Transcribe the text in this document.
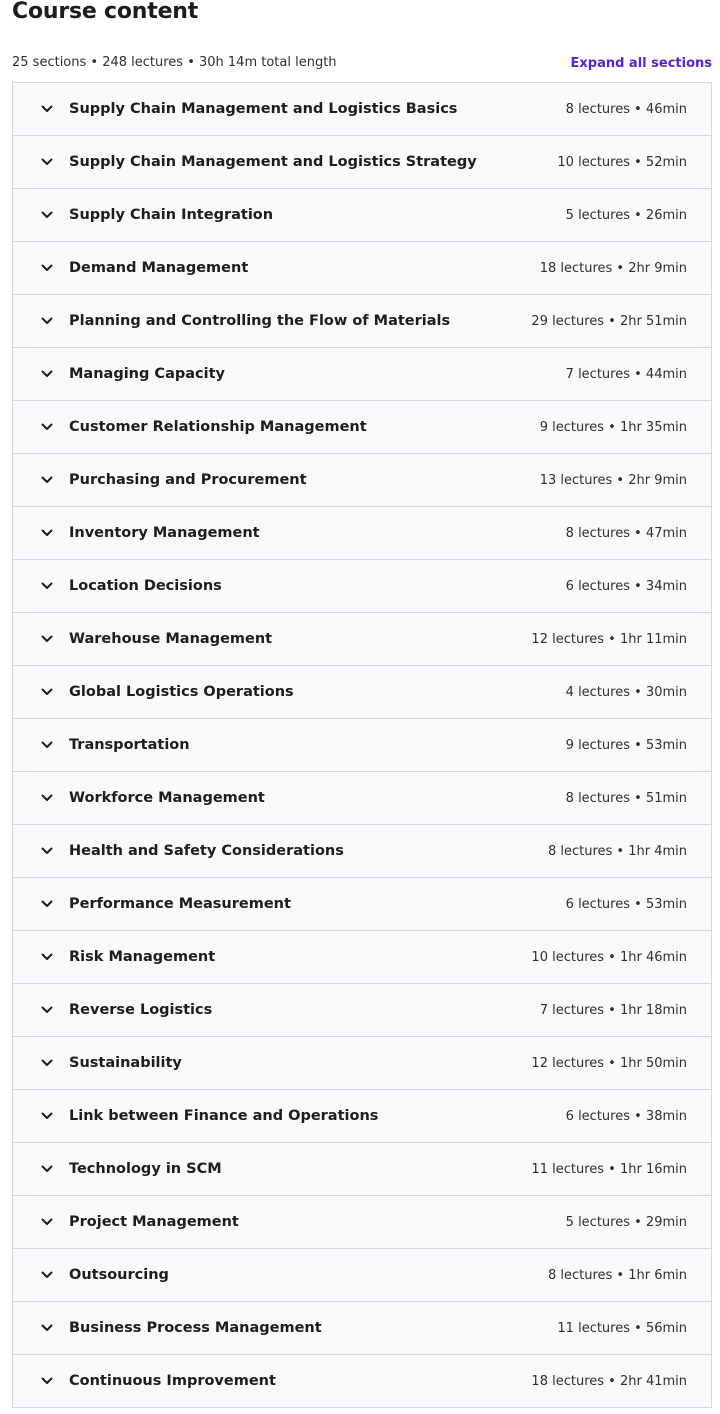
Course content
25 sections • 248 lectures • 30h 14m total length	Expand all sections
Supply Chain Management and Logistics Basics	8 lectures • 46min
Supply Chain Management and Logistics Strategy	10 lectures • 52min
Supply Chain Integration	5 lectures • 26min
Demand Management	18 lectures • 2hr 9min
Planning and Controlling the Flow of Materials	29 lectures • 2hr 51min
Managing Capacity	7 lectures • 44min
Customer Relationship Management	9 lectures • 1hr 35min
Purchasing and Procurement	13 lectures • 2hr 9min
Inventory Management	8 lectures • 47min
Location Decisions	6 lectures • 34min
Warehouse Management	12 lectures • 1hr 11min
Global Logistics Operations	4 lectures • 30min
Transportation	9 lectures • 53min
Workforce Management	8 lectures • 51min
Health and Safety Considerations	8 lectures • 1hr 4min
Performance Measurement	6 lectures • 53min
Risk Management	10 lectures • 1hr 46min
Reverse Logistics	7 lectures • 1hr 18min
Sustainability	12 lectures • 1hr 50min
Link between Finance and Operations	6 lectures • 38min
Technology in SCM	11 lectures • 1hr 16min
Project Management	5 lectures • 29min
Outsourcing	8 lectures • 1hr 6min
Business Process Management	11 lectures • 56min
Continuous Improvement	18 lectures • 2hr 41min
